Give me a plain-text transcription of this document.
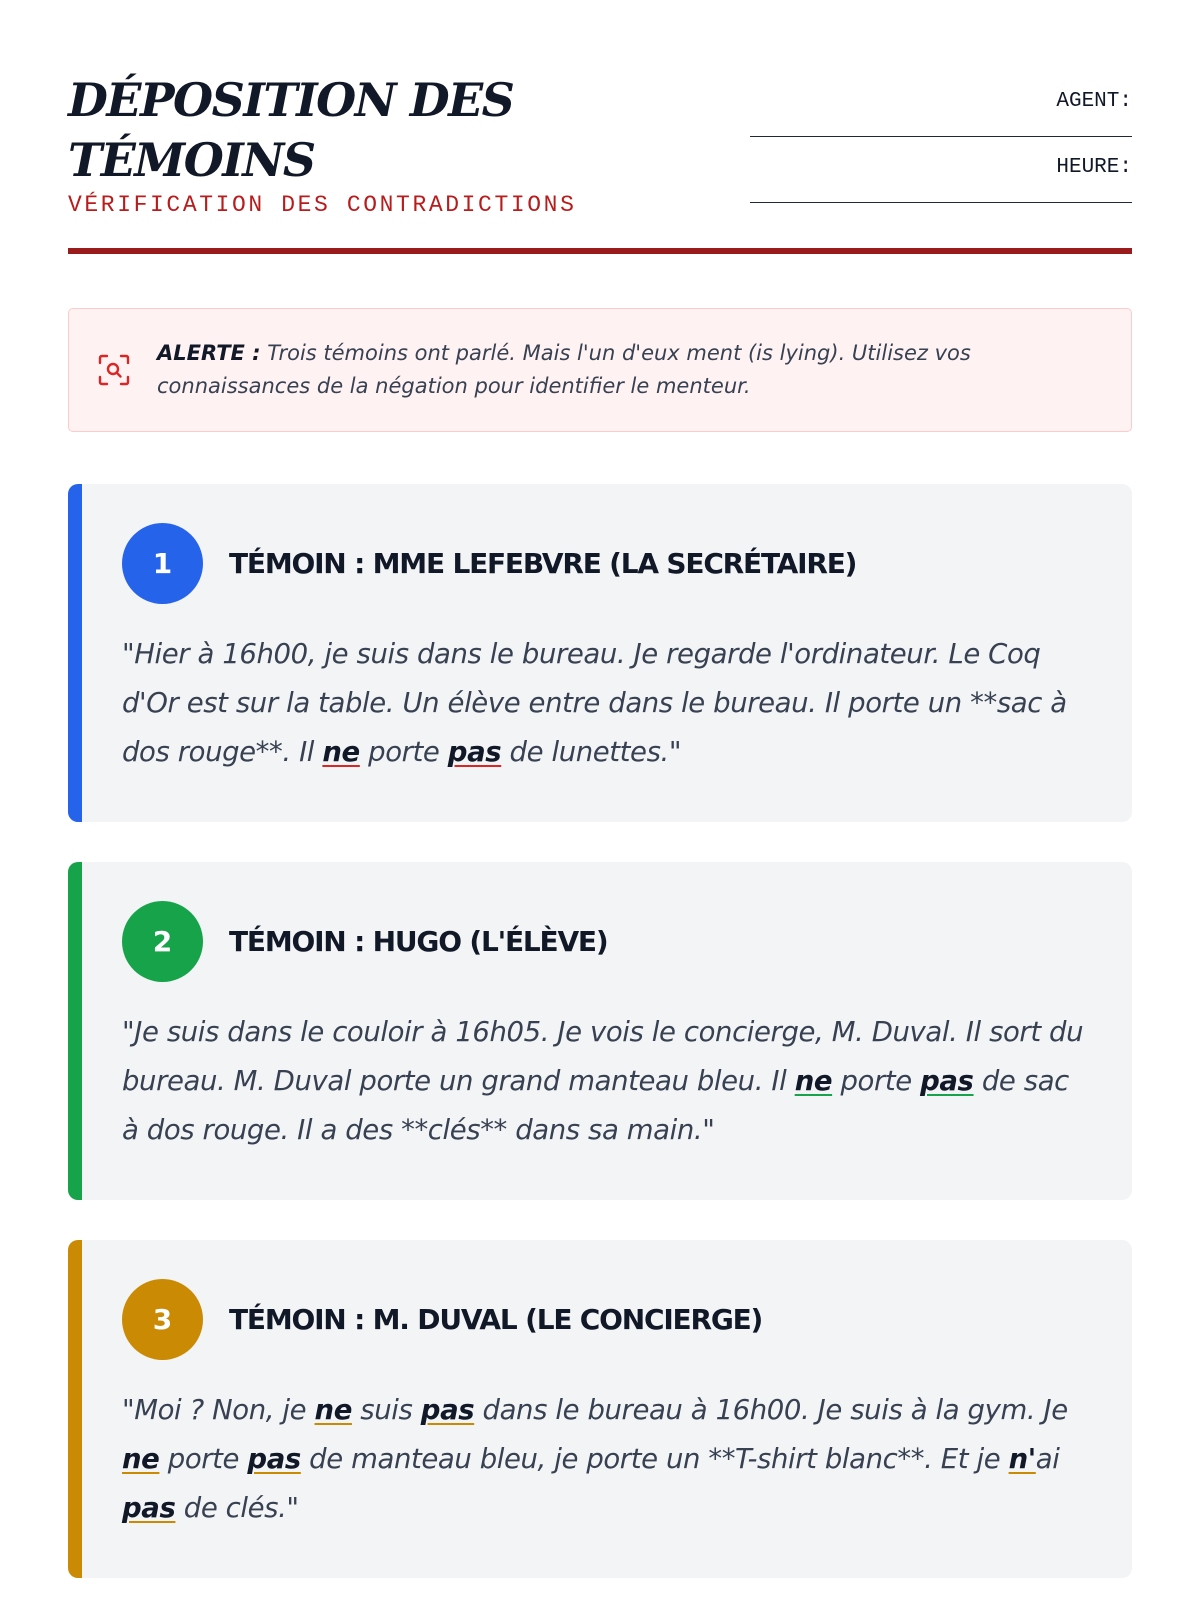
DÉPOSITION DES TÉMOINS
VÉRIFICATION DES CONTRADICTIONS
AGENT:
HEURE:

ALERTE : Trois témoins ont parlé. Mais l'un d'eux ment (is lying). Utilisez vos connaissances de la négation pour identifier le menteur.

1	TÉMOIN : MME LEFEBVRE (LA SECRÉTAIRE)

"Hier à 16h00, je suis dans le bureau. Je regarde l'ordinateur. Le Coq d'Or est sur la table. Un élève entre dans le bureau. Il porte un **sac à dos rouge**. Il ne porte pas de lunettes."

2	TÉMOIN : HUGO (L'ÉLÈVE)

"Je suis dans le couloir à 16h05. Je vois le concierge, M. Duval. Il sort du bureau. M. Duval porte un grand manteau bleu. Il ne porte pas de sac à dos rouge. Il a des **clés** dans sa main."

3	TÉMOIN : M. DUVAL (LE CONCIERGE)

"Moi ? Non, je ne suis pas dans le bureau à 16h00. Je suis à la gym. Je ne porte pas de manteau bleu, je porte un **T-shirt blanc**. Et je n'ai pas de clés."
